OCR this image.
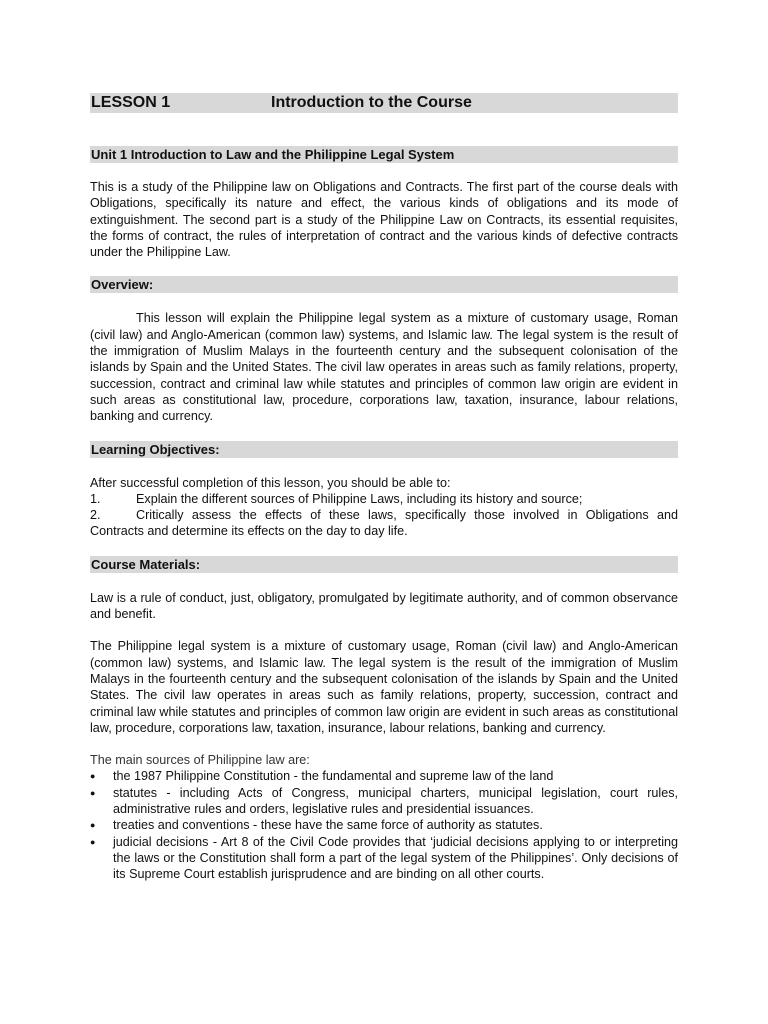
LESSON 1	Introduction to the Course
Unit 1 Introduction to Law and the Philippine Legal System

This is a study of the Philippine law on Obligations and Contracts. The first part of the course deals with Obligations, specifically its nature and effect, the various kinds of obligations and its mode of extinguishment. The second part is a study of the Philippine Law on Contracts, its essential requisites, the forms of contract, the rules of interpretation of contract and the various kinds of defective contracts under the Philippine Law.

Overview:

This lesson will explain the Philippine legal system as a mixture of customary usage, Roman (civil law) and Anglo-American (common law) systems, and Islamic law. The legal system is the result of the immigration of Muslim Malays in the fourteenth century and the subsequent colonisation of the islands by Spain and the United States. The civil law operates in areas such as family relations, property, succession, contract and criminal law while statutes and principles of common law origin are evident in such areas as constitutional law, procedure, corporations law, taxation, insurance, labour relations, banking and currency.

Learning Objectives:

After successful completion of this lesson, you should be able to:

1.	Explain the different sources of Philippine Laws, including its history and source;
2.	Critically assess the effects of these laws, specifically those involved in Obligations and Contracts and determine its effects on the day to day life.
Course Materials:

Law is a rule of conduct, just, obligatory, promulgated by legitimate authority, and of common observance and benefit.

The Philippine legal system is a mixture of customary usage, Roman (civil law) and Anglo-American (common law) systems, and Islamic law. The legal system is the result of the immigration of Muslim Malays in the fourteenth century and the subsequent colonisation of the islands by Spain and the United States. The civil law operates in areas such as family relations, property, succession, contract and criminal law while statutes and principles of common law origin are evident in such areas as constitutional law, procedure, corporations law, taxation, insurance, labour relations, banking and currency.

The main sources of Philippine law are:
●	the 1987 Philippine Constitution - the fundamental and supreme law of the land
●	statutes - including Acts of Congress, municipal charters, municipal legislation, court rules, administrative rules and orders, legislative rules and presidential issuances.
●	treaties and conventions - these have the same force of authority as statutes.
●	judicial decisions - Art 8 of the Civil Code provides that ‘judicial decisions applying to or interpreting the laws or the Constitution shall form a part of the legal system of the Philippines’. Only decisions of its Supreme Court establish jurisprudence and are binding on all other courts.
